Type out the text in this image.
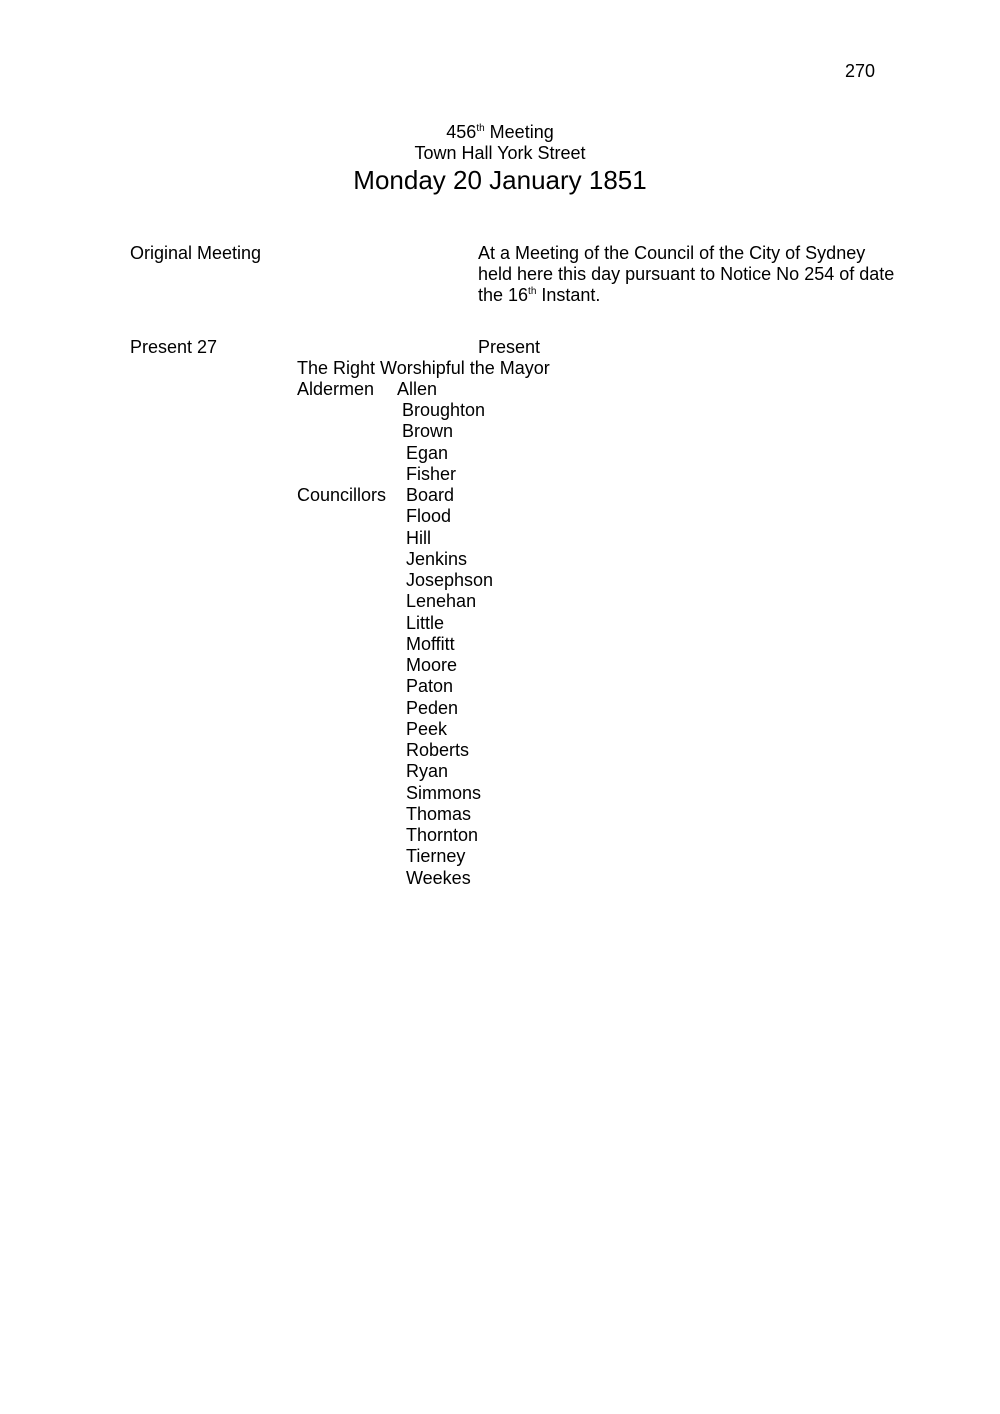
270
456th Meeting
Town Hall York Street
Monday 20 January 1851
Original Meeting	At a Meeting of the Council of the City of Sydney
held here this day pursuant to Notice No 254 of date
the 16th Instant.
Present 27	Present
The Right Worshipful the Mayor
Aldermen Allen
Broughton
Brown
Egan
Fisher
Councillors Board
Flood
Hill
Jenkins
Josephson
Lenehan
Little
Moffitt
Moore
Paton
Peden
Peek
Roberts
Ryan
Simmons
Thomas
Thornton
Tierney
Weekes
